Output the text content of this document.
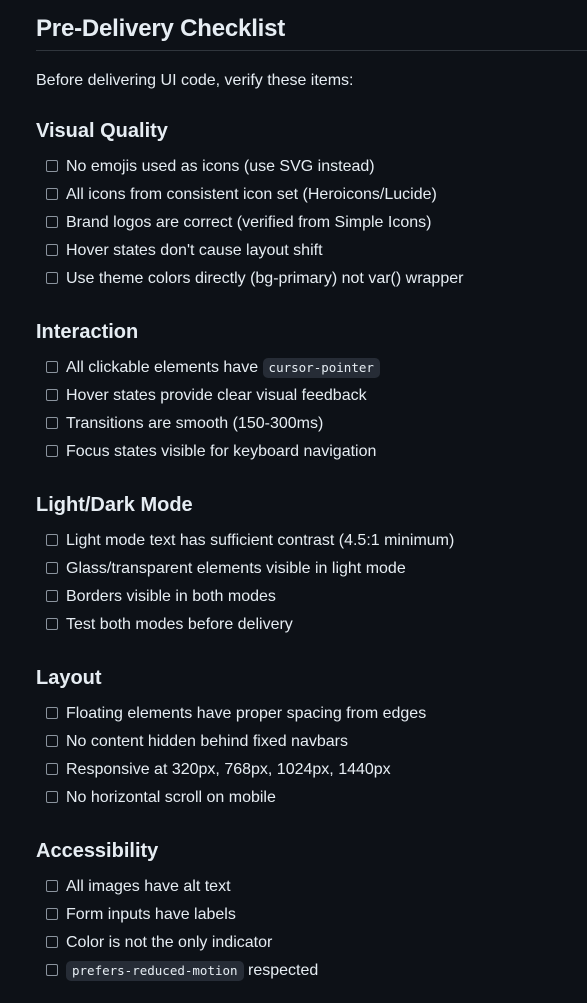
Pre-Delivery Checklist

Before delivering UI code, verify these items:

Visual Quality
No emojis used as icons (use SVG instead)
All icons from consistent icon set (Heroicons/Lucide)
Brand logos are correct (verified from Simple Icons)
Hover states don't cause layout shift
Use theme colors directly (bg-primary) not var() wrapper
Interaction
All clickable elements have cursor-pointer
Hover states provide clear visual feedback
Transitions are smooth (150-300ms)
Focus states visible for keyboard navigation
Light/Dark Mode
Light mode text has sufficient contrast (4.5:1 minimum)
Glass/transparent elements visible in light mode
Borders visible in both modes
Test both modes before delivery
Layout
Floating elements have proper spacing from edges
No content hidden behind fixed navbars
Responsive at 320px, 768px, 1024px, 1440px
No horizontal scroll on mobile
Accessibility
All images have alt text
Form inputs have labels
Color is not the only indicator
prefers-reduced-motion respected
